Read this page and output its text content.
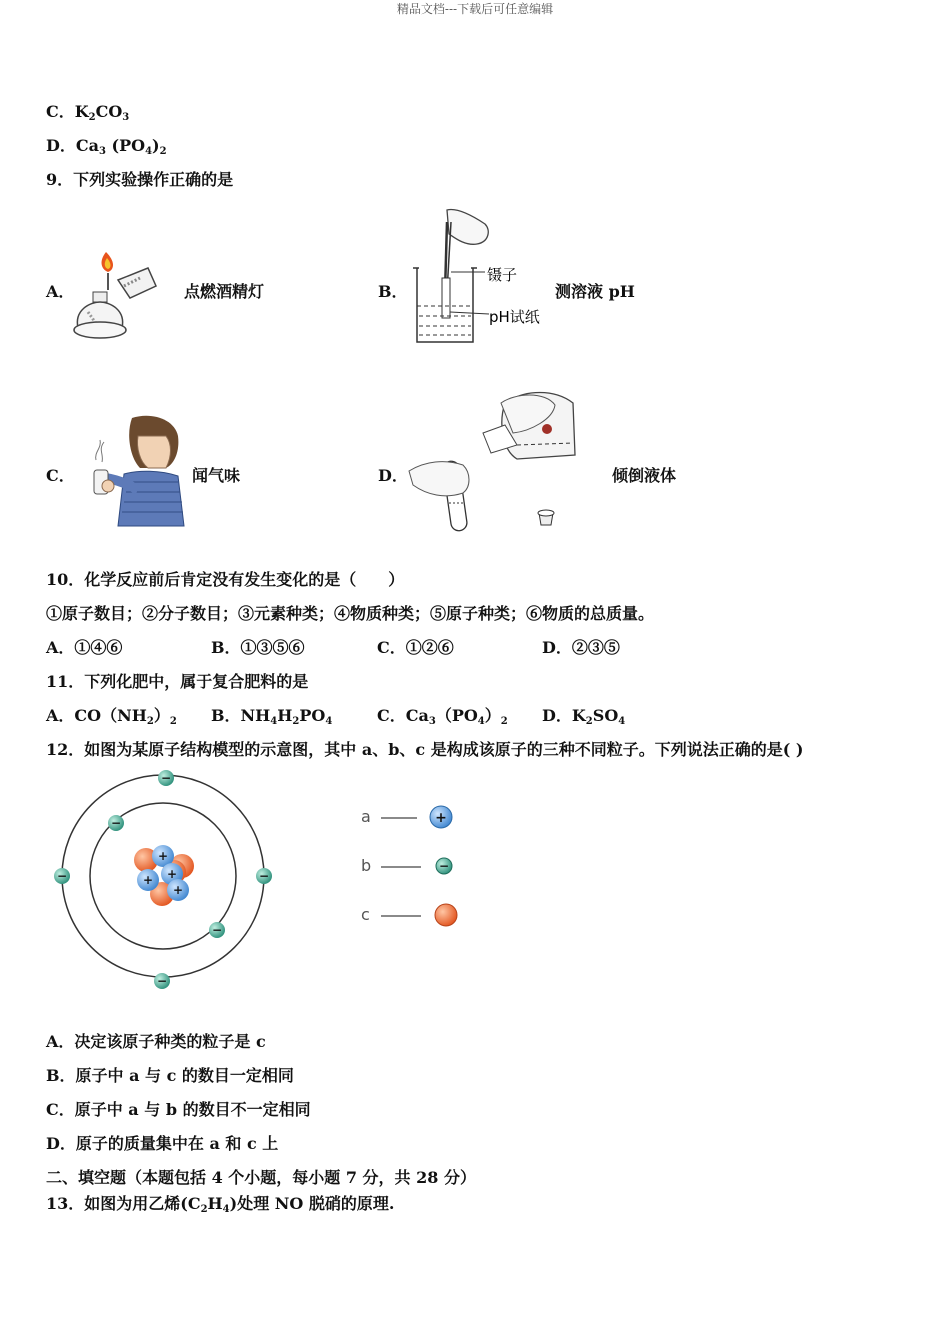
精品文档---下载后可任意编辑
C．$K_2CO_3$
D．$Ca_3$ $(PO_4)_2$
9．下列实验操作正确的是
A．	点燃酒精灯	B．
镊子
pH试纸
测溶液 pH
C．	闻气味	D．	倾倒液体
10．化学反应前后肯定没有发生变化的是（　　）
①原子数目；②分子数目；③元素种类；④物质种类；⑤原子种类；⑥物质的总质量。
A．①④⑥	B．①③⑤⑥	C．①②⑥	D．②③⑤
11．下列化肥中，属于复合肥料的是
A．$CO(NH_2)_2$ B．$NH_4H_2PO_4$	C．$Ca_3(PO_4)_2$ D．$K_2SO_4$
12．如图为某原子结构模型的示意图，其中 a、b、c 是构成该原子的三种不同粒子。下列说法正确的是( )
+
+ +
+
−
−
−	−
−
−
a	+
b	−
c
A．决定该原子种类的粒子是 c
B．原子中 a 与 c 的数目一定相同
C．原子中 a 与 b 的数目不一定相同
D．原子的质量集中在 a 和 c 上
二、填空题（本题包括 4 个小题，每小题 7 分，共 28 分）
13．如图为用乙烯$(C_2H_4)$处理 NO 脱硝的原理.
